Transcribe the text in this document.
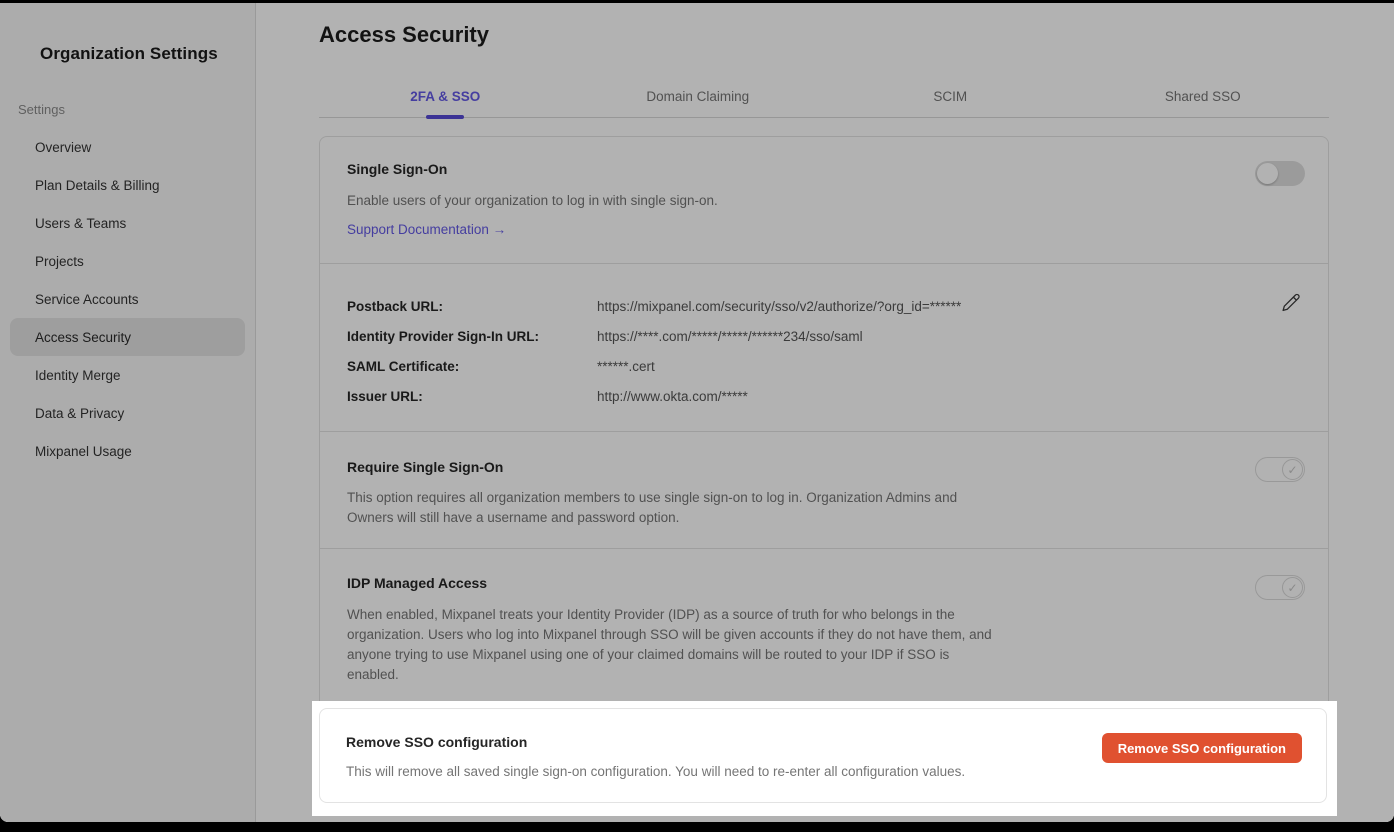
Organization Settings
Settings
Overview
Plan Details & Billing
Users & Teams
Projects
Service Accounts
Access Security
Identity Merge
Data & Privacy
Mixpanel Usage
Access Security
2FA & SSO	Domain Claiming	SCIM	Shared SSO
Single Sign-On
Enable users of your organization to log in with single sign-on.
Support Documentation →
Postback URL:	https://mixpanel.com/security/sso/v2/authorize/?org_id=******
Identity Provider Sign-In URL:	https://****.com/*****/*****/******234/sso/saml
SAML Certificate:	******.cert
Issuer URL:	http://www.okta.com/*****
Require Single Sign-On
This option requires all organization members to use single sign-on to log in. Organization Admins and Owners will still have a username and password option.
✓
IDP Managed Access
When enabled, Mixpanel treats your Identity Provider (IDP) as a source of truth for who belongs in the organization. Users who log into Mixpanel through SSO will be given accounts if they do not have them, and anyone trying to use Mixpanel using one of your claimed domains will be routed to your IDP if SSO is enabled.
✓
Remove SSO configuration
This will remove all saved single sign-on configuration. You will need to re-enter all configuration values.
Remove SSO configuration
